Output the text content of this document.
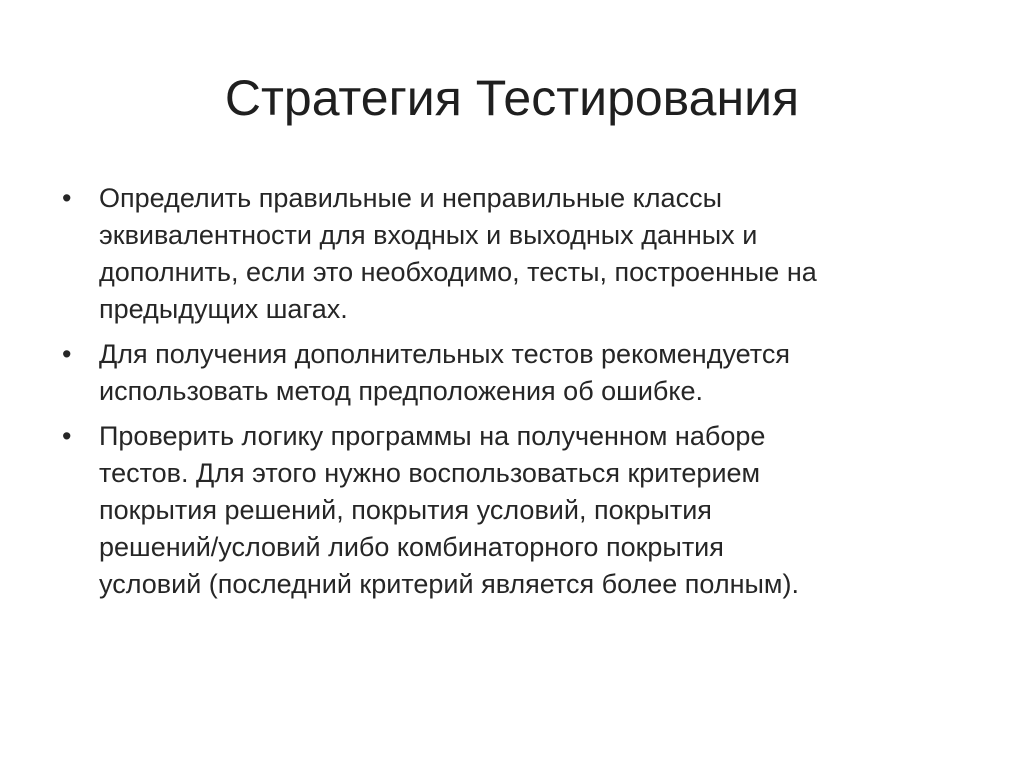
Стратегия Тестирования
•	Определить правильные и неправильные классы
эквивалентности для входных и выходных данных и
дополнить, если это необходимо, тесты, построенные на
предыдущих шагах.
•	Для получения дополнительных тестов рекомендуется
использовать метод предположения об ошибке.
•	Проверить логику программы на полученном наборе
тестов. Для этого нужно воспользоваться критерием
покрытия решений, покрытия условий, покрытия
решений/условий либо комбинаторного покрытия
условий (последний критерий является более полным).
